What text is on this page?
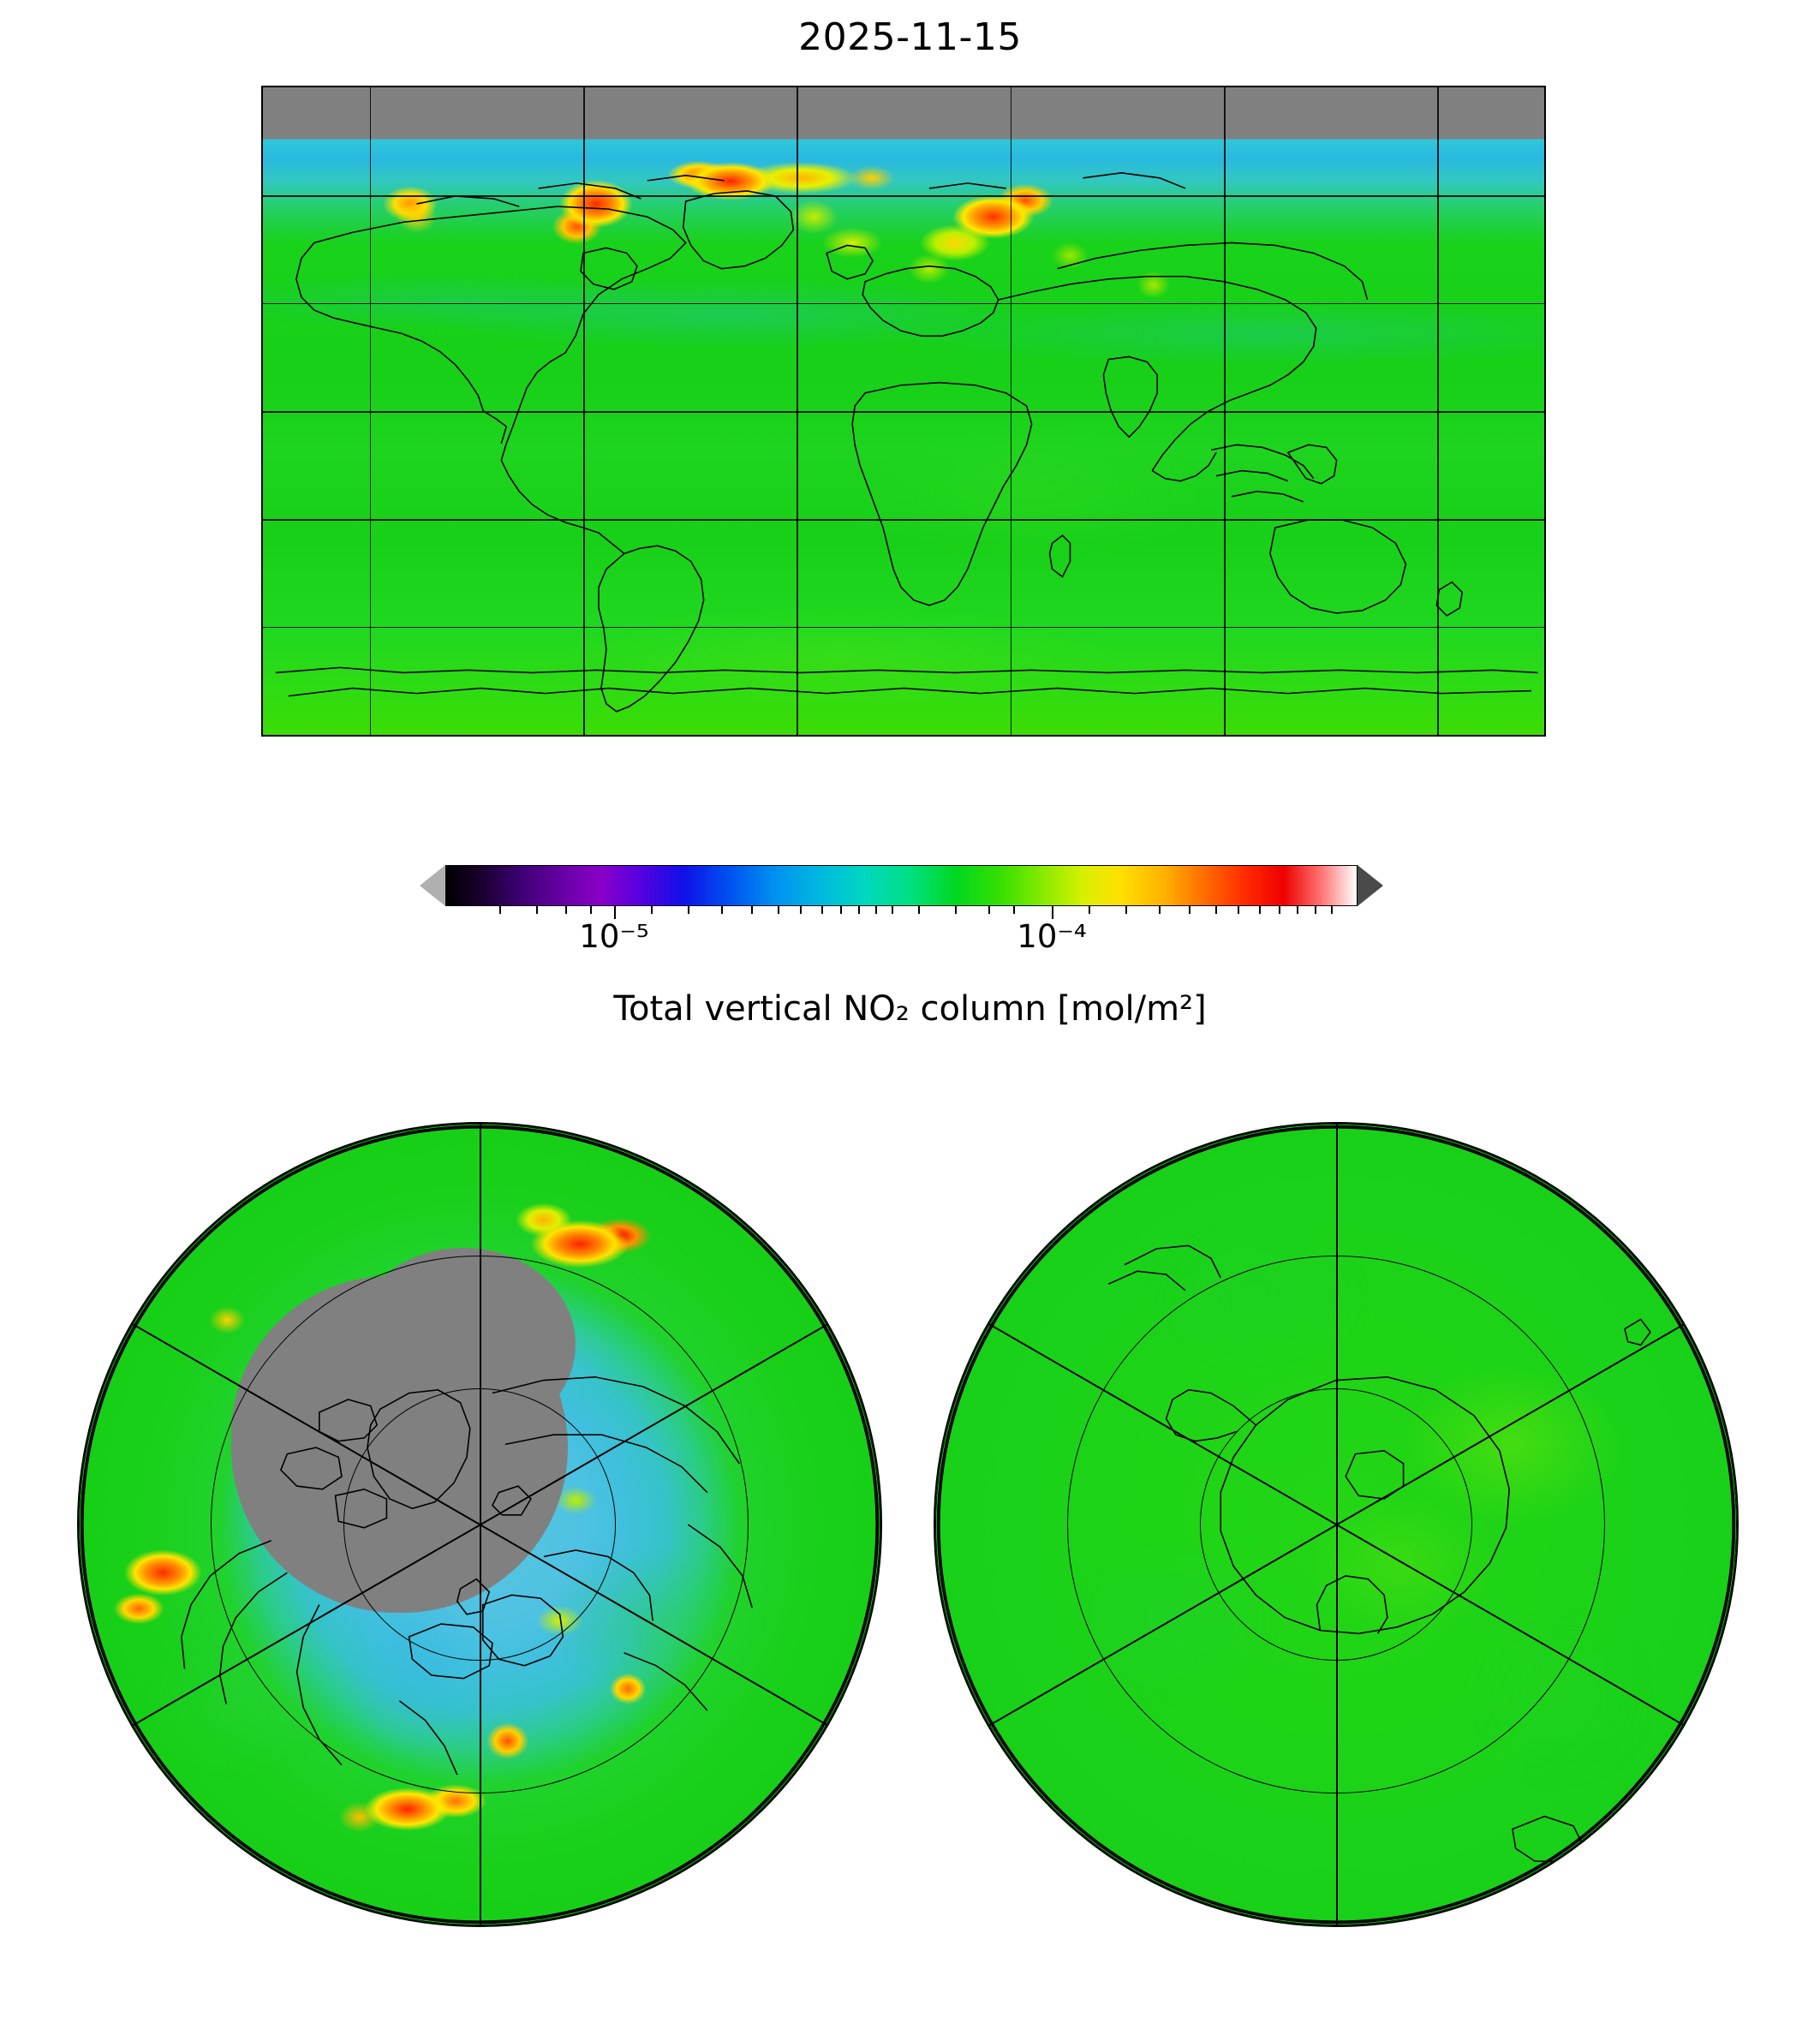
2025-11-15
10⁻⁵	10⁻⁴
Total vertical NO₂ column [mol/m²]
